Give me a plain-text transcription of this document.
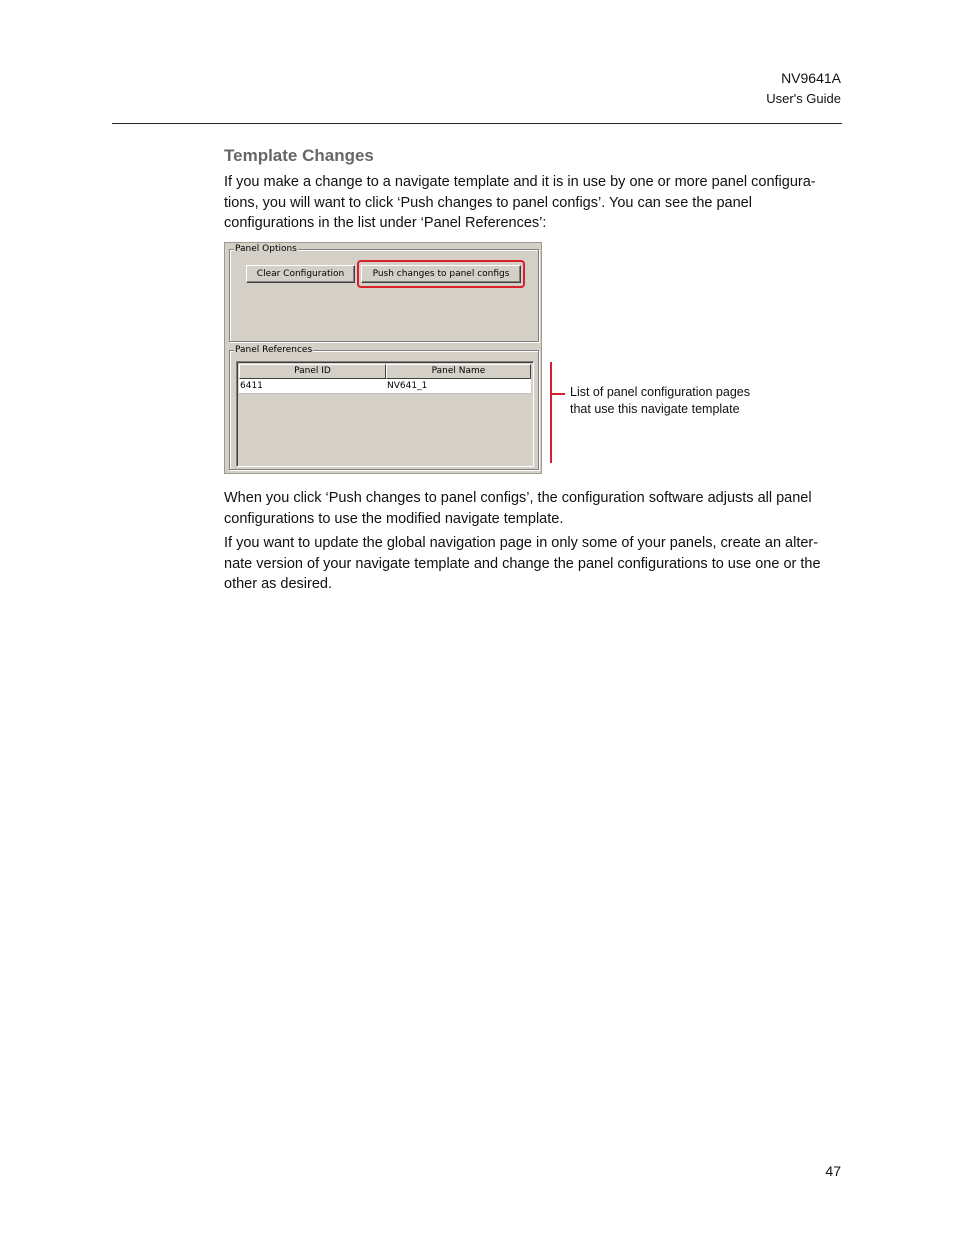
NV9641A
User's Guide
Template Changes

If you make a change to a navigate template and it is in use by one or more panel configura- tions, you will want to click ‘Push changes to panel configs’. You can see the panel configurations in the list under ‘Panel References’:

Panel Options
Clear Configuration	Push changes to panel configs
Panel References
Panel ID	Panel Name
6411	NV641_1	List of panel configuration pages that use this navigate template

When you click ‘Push changes to panel configs’, the configuration software adjusts all panel configurations to use the modified navigate template.

If you want to update the global navigation page in only some of your panels, create an alter- nate version of your navigate template and change the panel configurations to use one or the other as desired.

47
